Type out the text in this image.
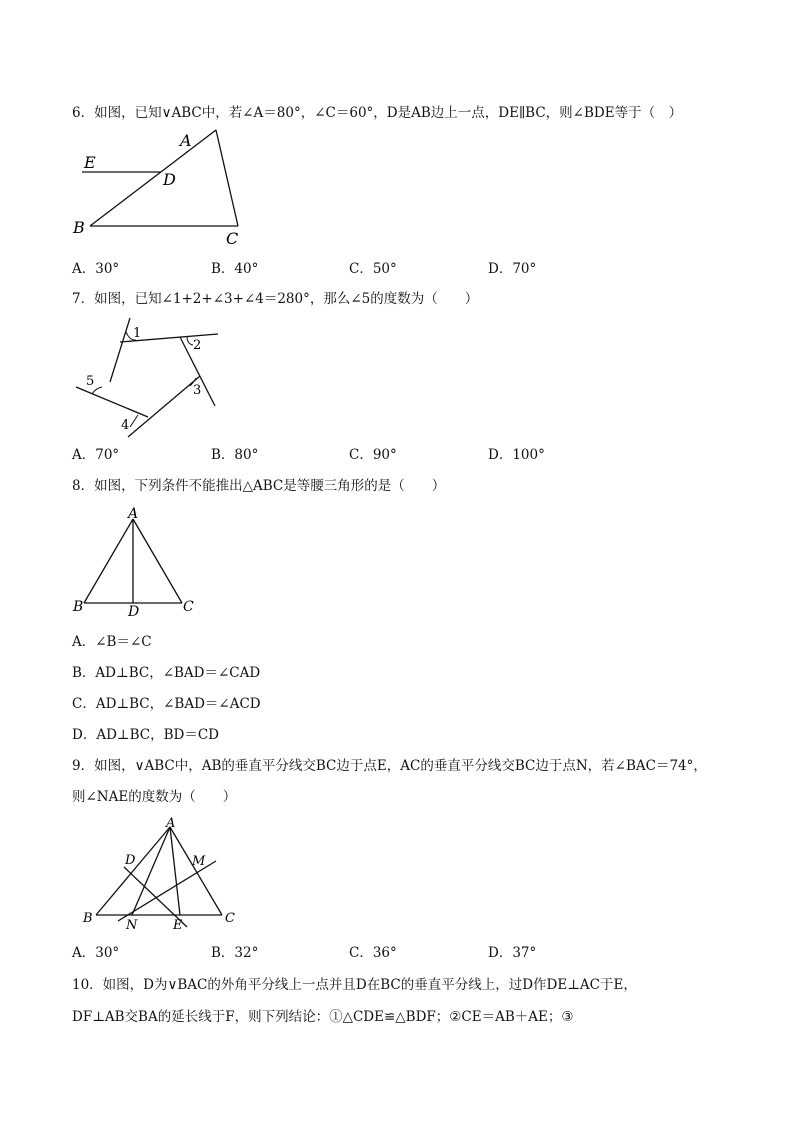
6．如图，已知∨ABC中，若∠A＝80°，∠C＝60°，D是AB边上一点，DE∥BC，则∠BDE等于（　）
A
B
C
D
E
A．30°	B．40°	C．50°	D．70°
7．如图，已知∠1+2+∠3+∠4＝280°，那么∠5的度数为（　　）
1
2
3
4
5
A．70°	B．80°	C．90°	D．100°
8．如图，下列条件不能推出△ABC是等腰三角形的是（　　）
A
B	C
D
A．∠B＝∠C
B．AD⊥BC，∠BAD＝∠CAD
C．AD⊥BC，∠BAD＝∠ACD
D．AD⊥BC，BD＝CD
9．如图，∨ABC中，AB的垂直平分线交BC边于点E，AC的垂直平分线交BC边于点N，若∠BAC＝74°，
则∠NAE的度数为（　　）
A
B	C
D
E
M
N
A．30°	B．32°	C．36°	D．37°
10．如图，D为∨BAC的外角平分线上一点并且D在BC的垂直平分线上，过D作DE⊥AC于E，
DF⊥AB交BA的延长线于F，则下列结论：①△CDE≌△BDF；②CE＝AB＋AE；③
